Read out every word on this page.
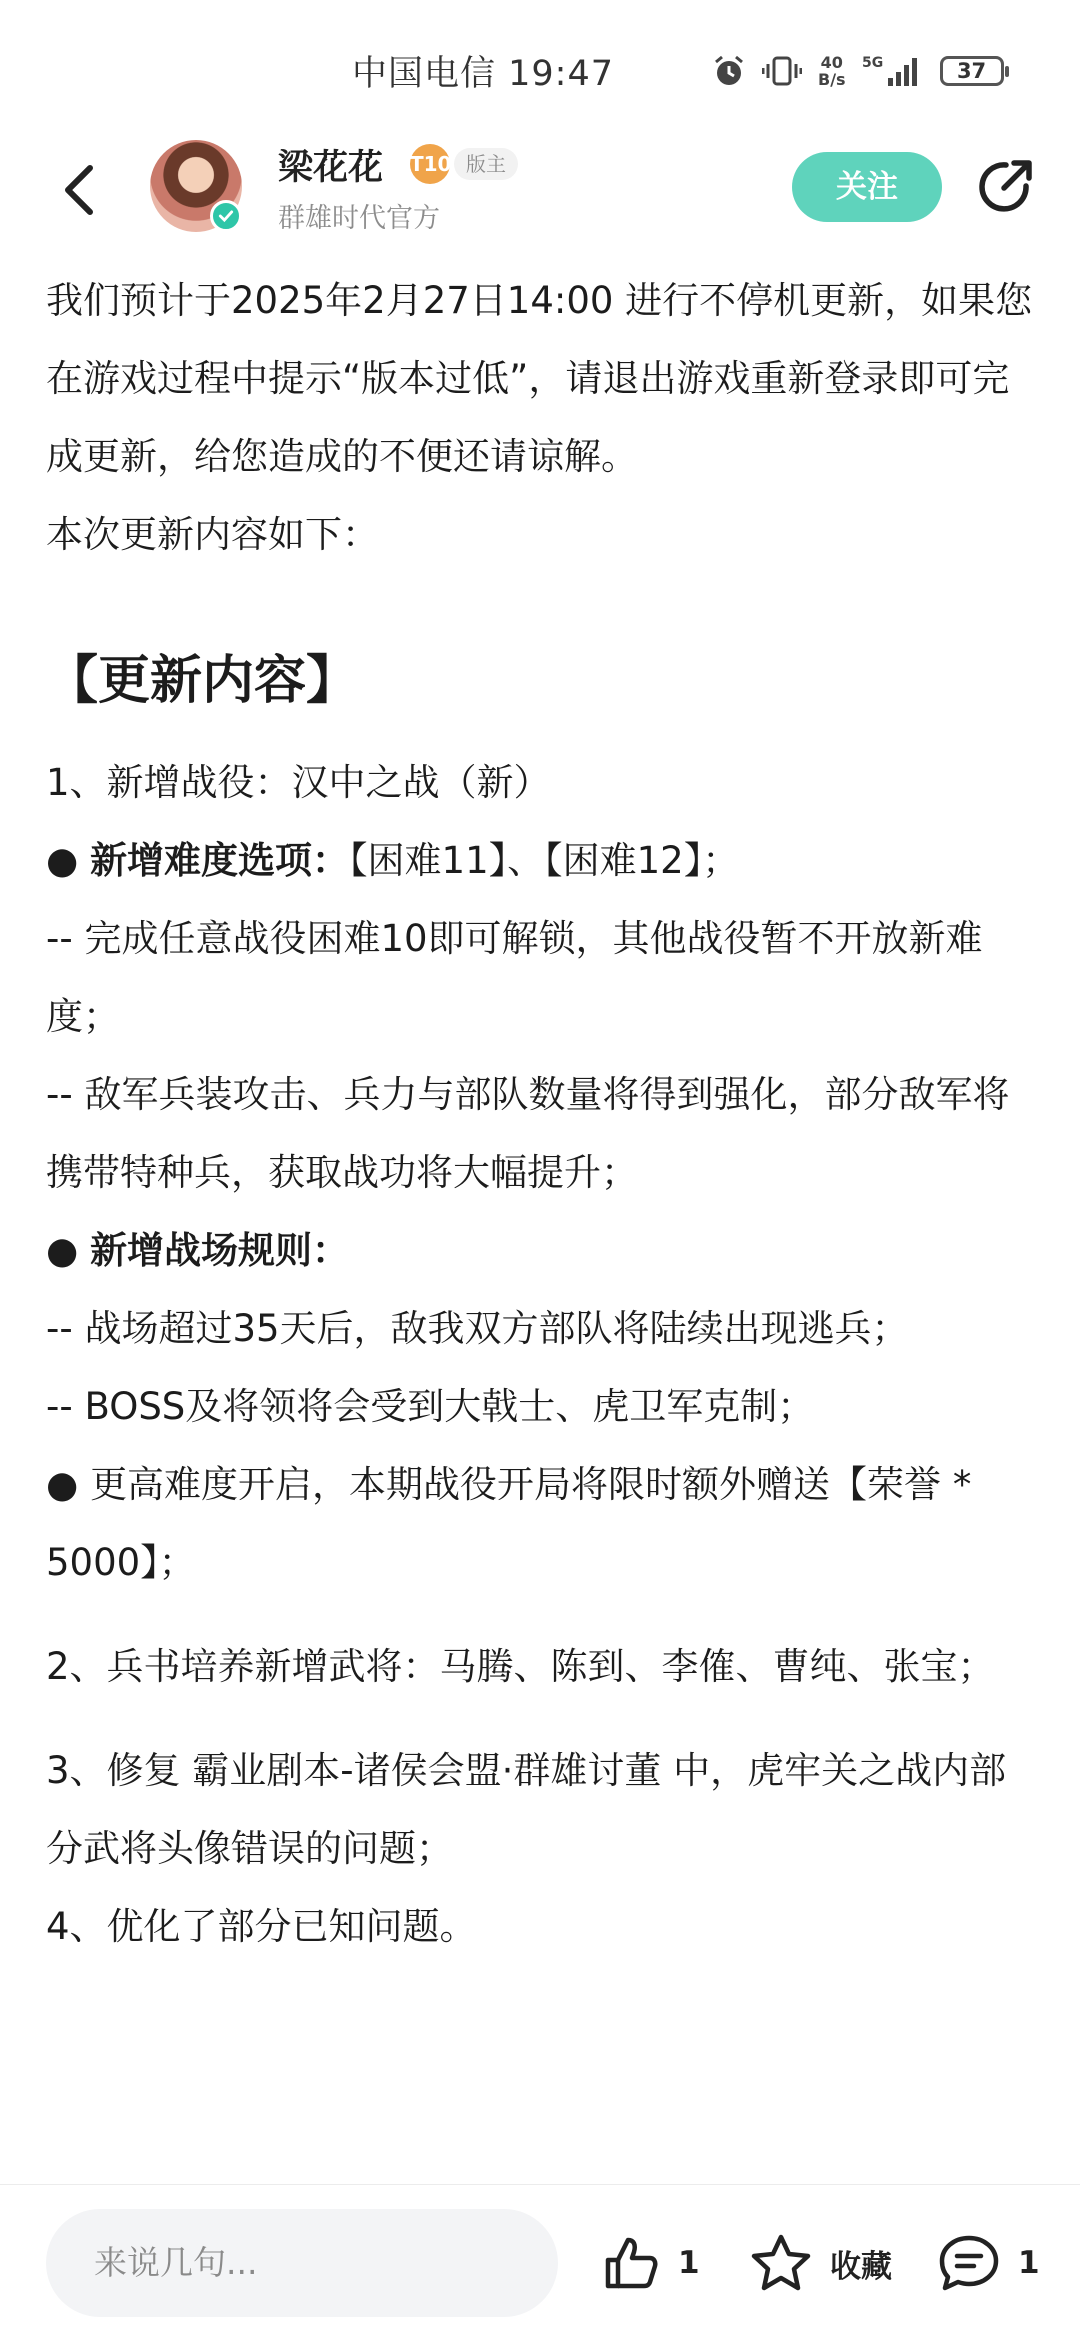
中国电信 19:47	40
B/s
5G	37
梁花花 T10 版主
群雄时代官方
关注

我们预计于2025年2月27日14:00 进行不停机更新，如果您在游戏过程中提示“版本过低”，请退出游戏重新登录即可完成更新，给您造成的不便还请谅解。

本次更新内容如下：

【更新内容】

1、新增战役：汉中之战（新）

● 新增难度选项：【困难11】、【困难12】；

-- 完成任意战役困难10即可解锁，其他战役暂不开放新难度；

-- 敌军兵装攻击、兵力与部队数量将得到强化，部分敌军将携带特种兵，获取战功将大幅提升；

● 新增战场规则：

-- 战场超过35天后，敌我双方部队将陆续出现逃兵；

-- BOSS及将领将会受到大戟士、虎卫军克制；

● 更高难度开启，本期战役开局将限时额外赠送【荣誉 * 5000】；

2、兵书培养新增武将：马腾、陈到、李傕、曹纯、张宝；

3、修复 霸业剧本-诸侯会盟·群雄讨董 中，虎牢关之战内部分武将头像错误的问题；

4、优化了部分已知问题。

来说几句...	1	收藏	1
